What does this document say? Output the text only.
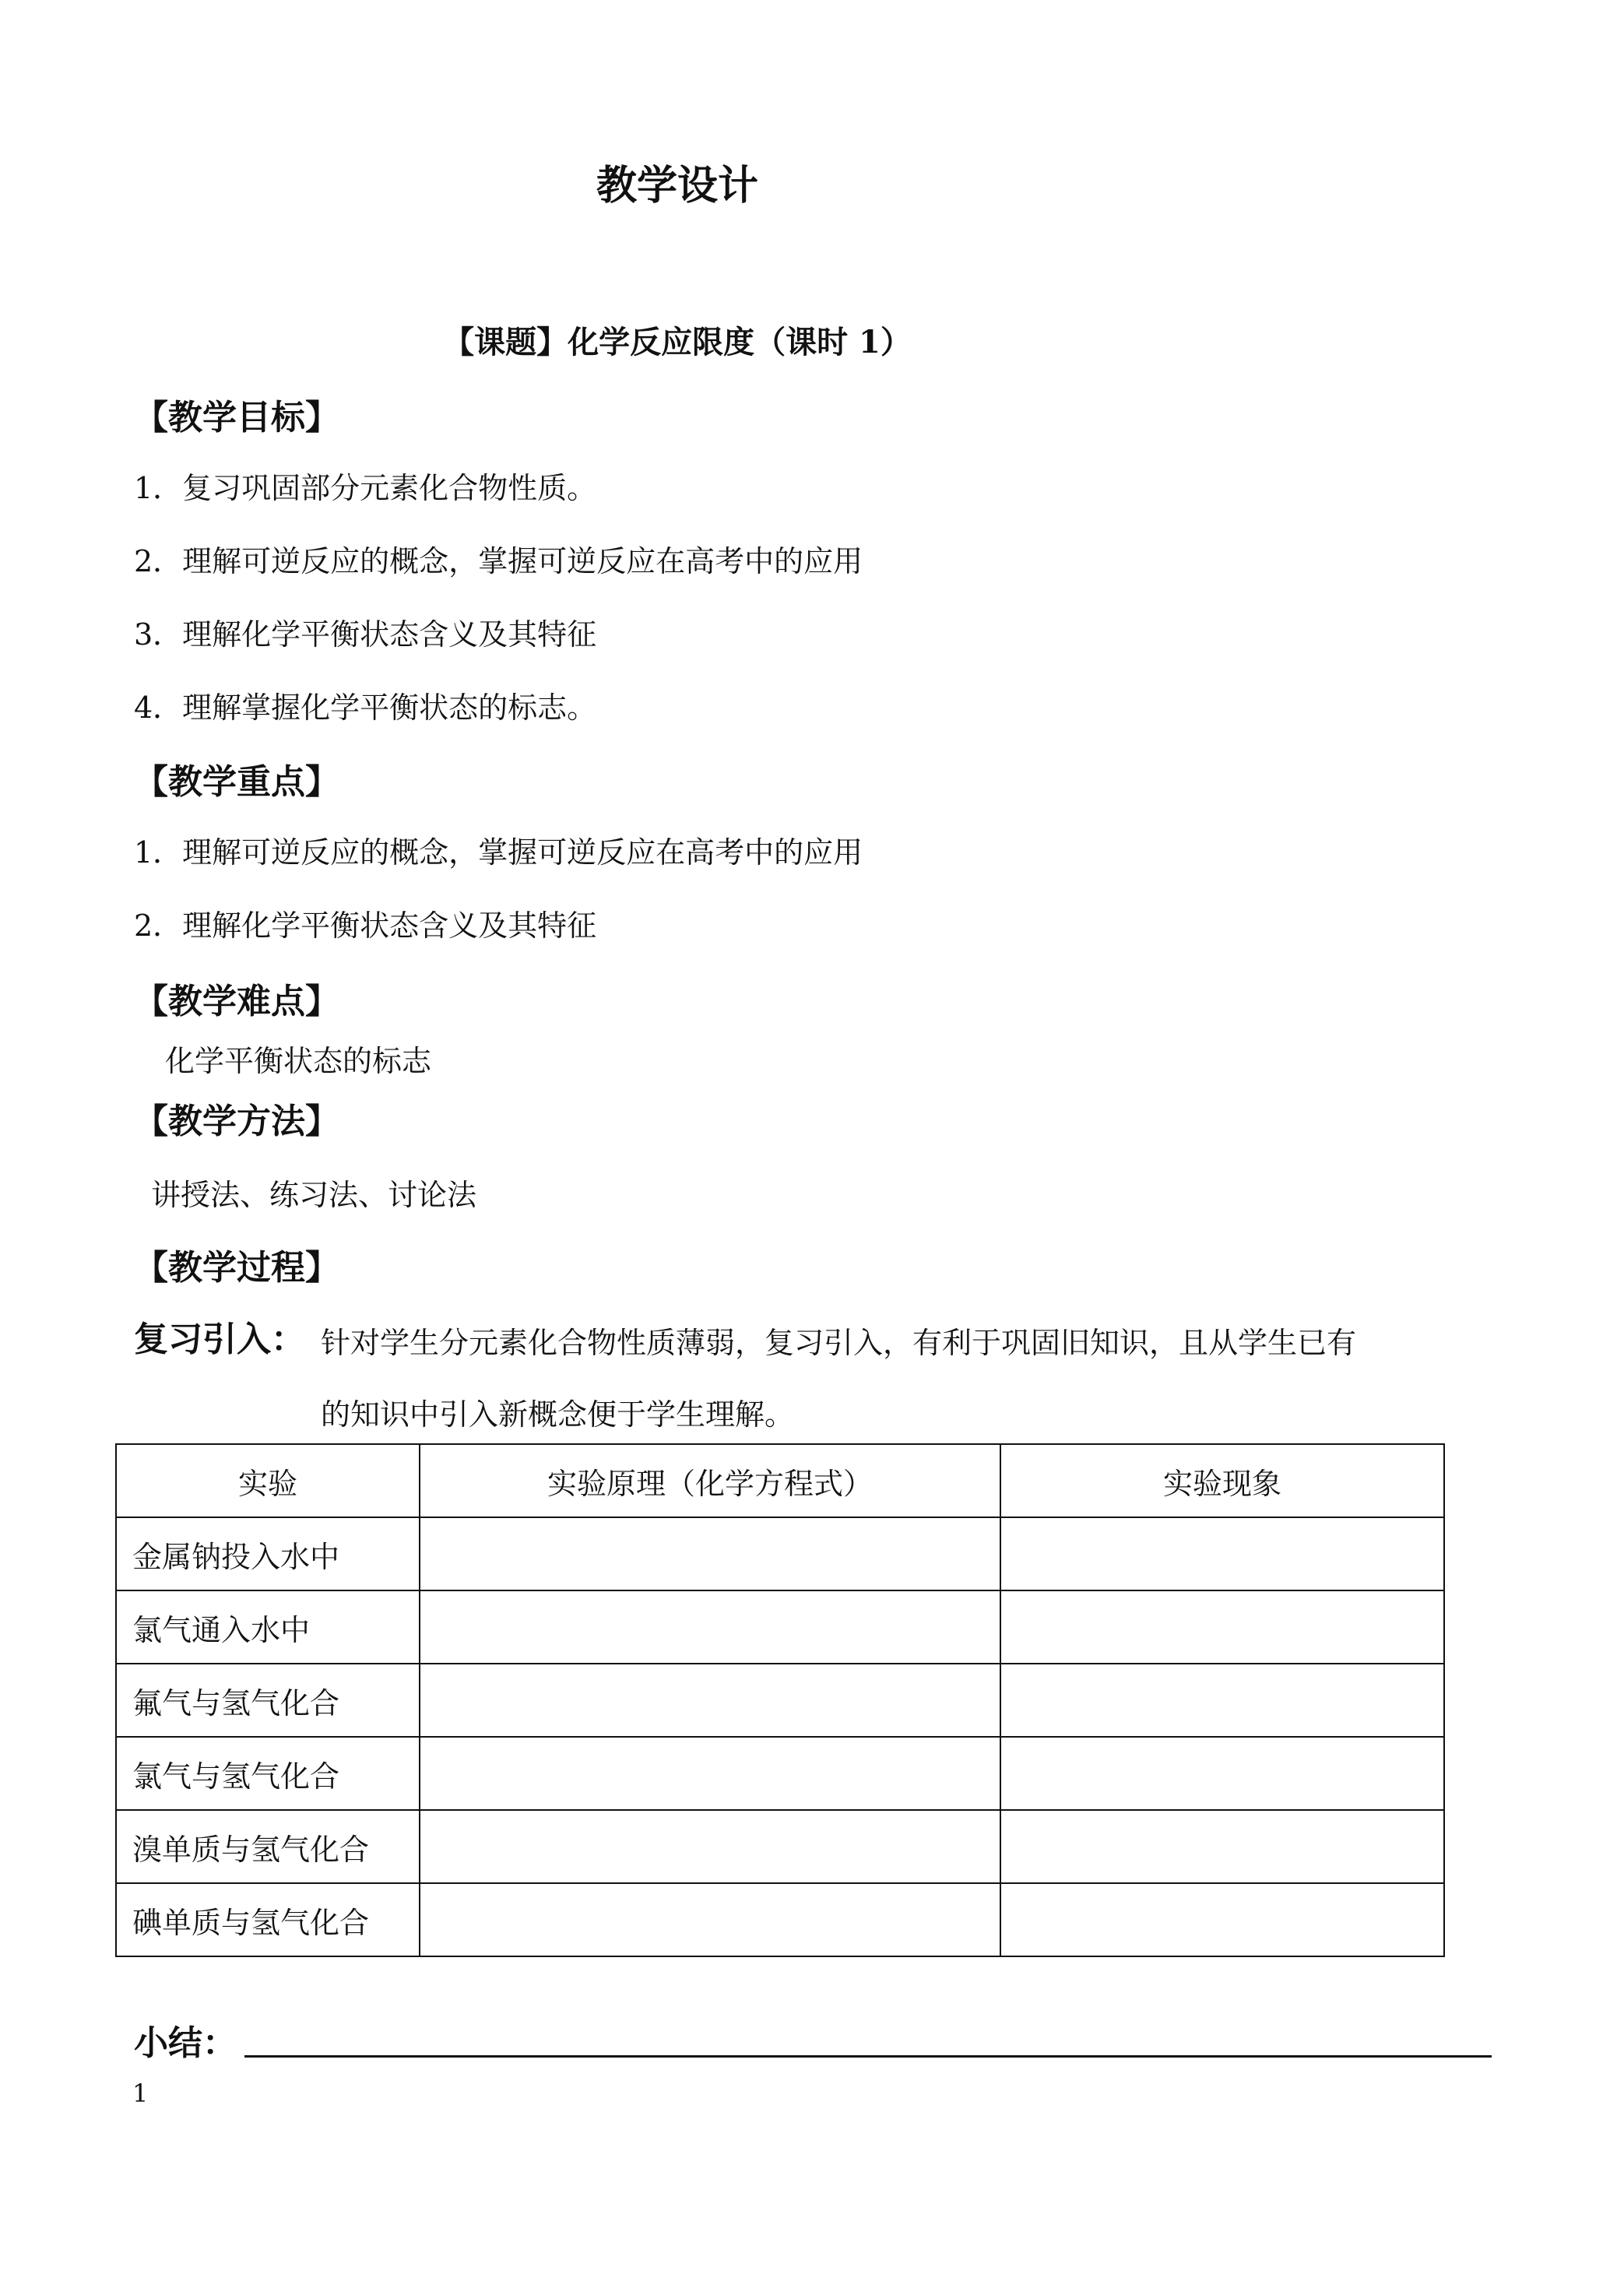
教学设计
【课题】化学反应限度（课时 1）
【教学目标】
1．复习巩固部分元素化合物性质。
2．理解可逆反应的概念，掌握可逆反应在高考中的应用
3．理解化学平衡状态含义及其特征
4．理解掌握化学平衡状态的标志。
【教学重点】
1．理解可逆反应的概念，掌握可逆反应在高考中的应用
2．理解化学平衡状态含义及其特征
【教学难点】
化学平衡状态的标志
【教学方法】
讲授法、练习法、讨论法
【教学过程】
复习引入： 针对学生分元素化合物性质薄弱，复习引入，有利于巩固旧知识，且从学生已有
的知识中引入新概念便于学生理解。
实验	实验原理（化学方程式）	实验现象
金属钠投入水中		
氯气通入水中		
氟气与氢气化合		
氯气与氢气化合		
溴单质与氢气化合		
碘单质与氢气化合		
小结：
1
